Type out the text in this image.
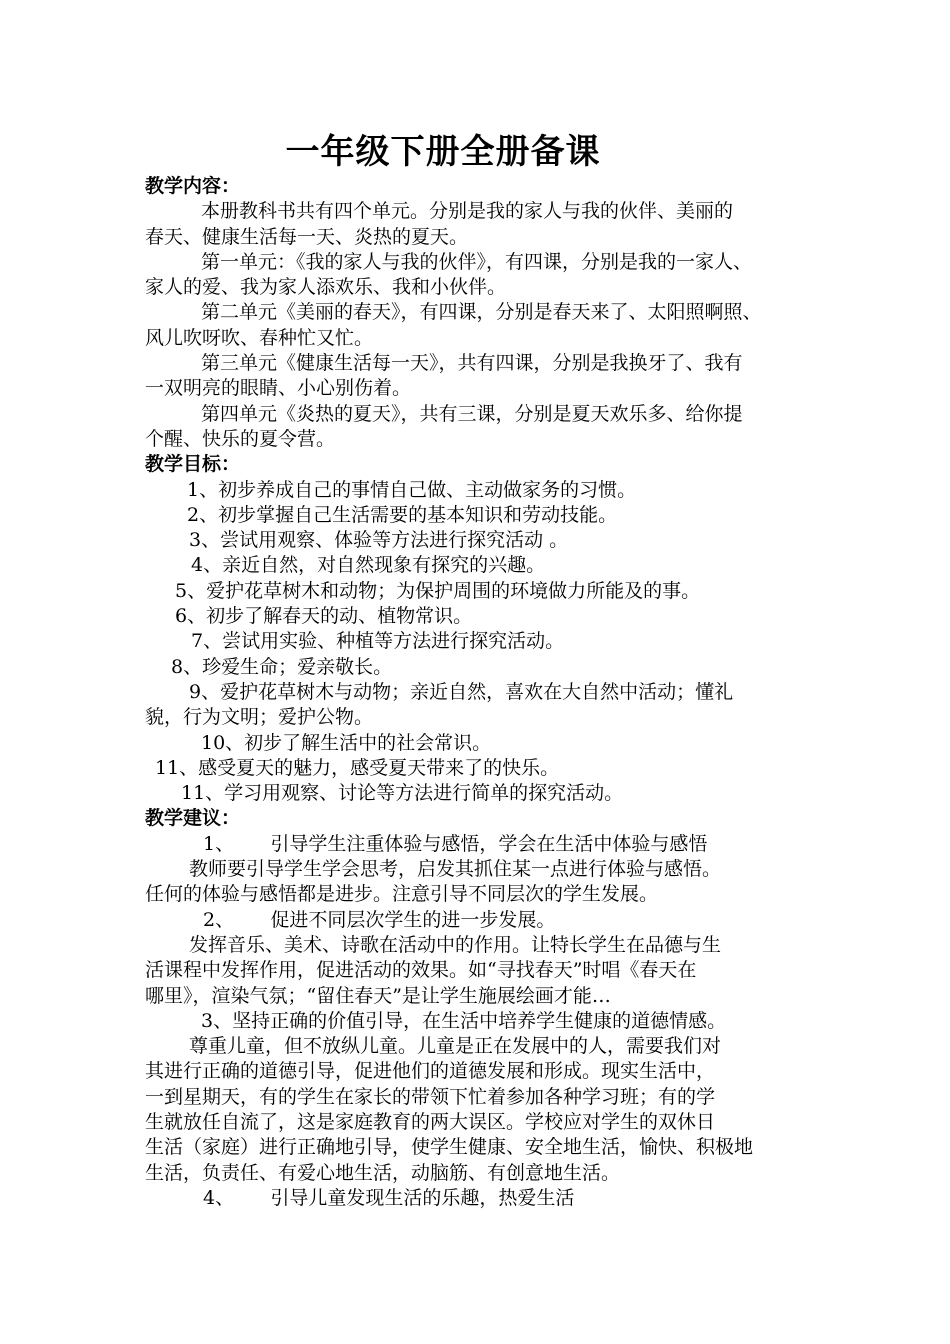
一年级下册全册备课

教学内容：

本册教科书共有四个单元。分别是我的家人与我的伙伴、美丽的

春天、健康生活每一天、炎热的夏天。

第一单元：《我的家人与我的伙伴》，有四课，分别是我的一家人、

家人的爱、我为家人添欢乐、我和小伙伴。

第二单元《美丽的春天》，有四课，分别是春天来了、太阳照啊照、

风儿吹呀吹、春种忙又忙。

第三单元《健康生活每一天》，共有四课，分别是我换牙了、我有

一双明亮的眼睛、小心别伤着。

第四单元《炎热的夏天》，共有三课，分别是夏天欢乐多、给你提

个醒、快乐的夏令营。

教学目标：

1、初步养成自己的事情自己做、主动做家务的习惯。

2、初步掌握自己生活需要的基本知识和劳动技能。

3、尝试用观察、体验等方法进行探究活动 。

4、亲近自然，对自然现象有探究的兴趣。

5、爱护花草树木和动物；为保护周围的环境做力所能及的事。

6、初步了解春天的动、植物常识。

7、尝试用实验、种植等方法进行探究活动。

8、珍爱生命；爱亲敬长。

9、爱护花草树木与动物；亲近自然，喜欢在大自然中活动；懂礼

貌，行为文明；爱护公物。

10、初步了解生活中的社会常识。

11、感受夏天的魅力，感受夏天带来了的快乐。

11、学习用观察、讨论等方法进行简单的探究活动。

教学建议：

1、      引导学生注重体验与感悟，学会在生活中体验与感悟

教师要引导学生学会思考，启发其抓住某一点进行体验与感悟。

任何的体验与感悟都是进步。注意引导不同层次的学生发展。

2、      促进不同层次学生的进一步发展。

发挥音乐、美术、诗歌在活动中的作用。让特长学生在品德与生

活课程中发挥作用，促进活动的效果。如“寻找春天”时唱《春天在

哪里》，渲染气氛；“留住春天”是让学生施展绘画才能…

3、坚持正确的价值引导，在生活中培养学生健康的道德情感。

尊重儿童，但不放纵儿童。儿童是正在发展中的人，需要我们对

其进行正确的道德引导，促进他们的道德发展和形成。现实生活中，

一到星期天，有的学生在家长的带领下忙着参加各种学习班；有的学

生就放任自流了，这是家庭教育的两大误区。学校应对学生的双休日

生活（家庭）进行正确地引导，使学生健康、安全地生活，愉快、积极地

生活，负责任、有爱心地生活，动脑筋、有创意地生活。

4、      引导儿童发现生活的乐趣，热爱生活
